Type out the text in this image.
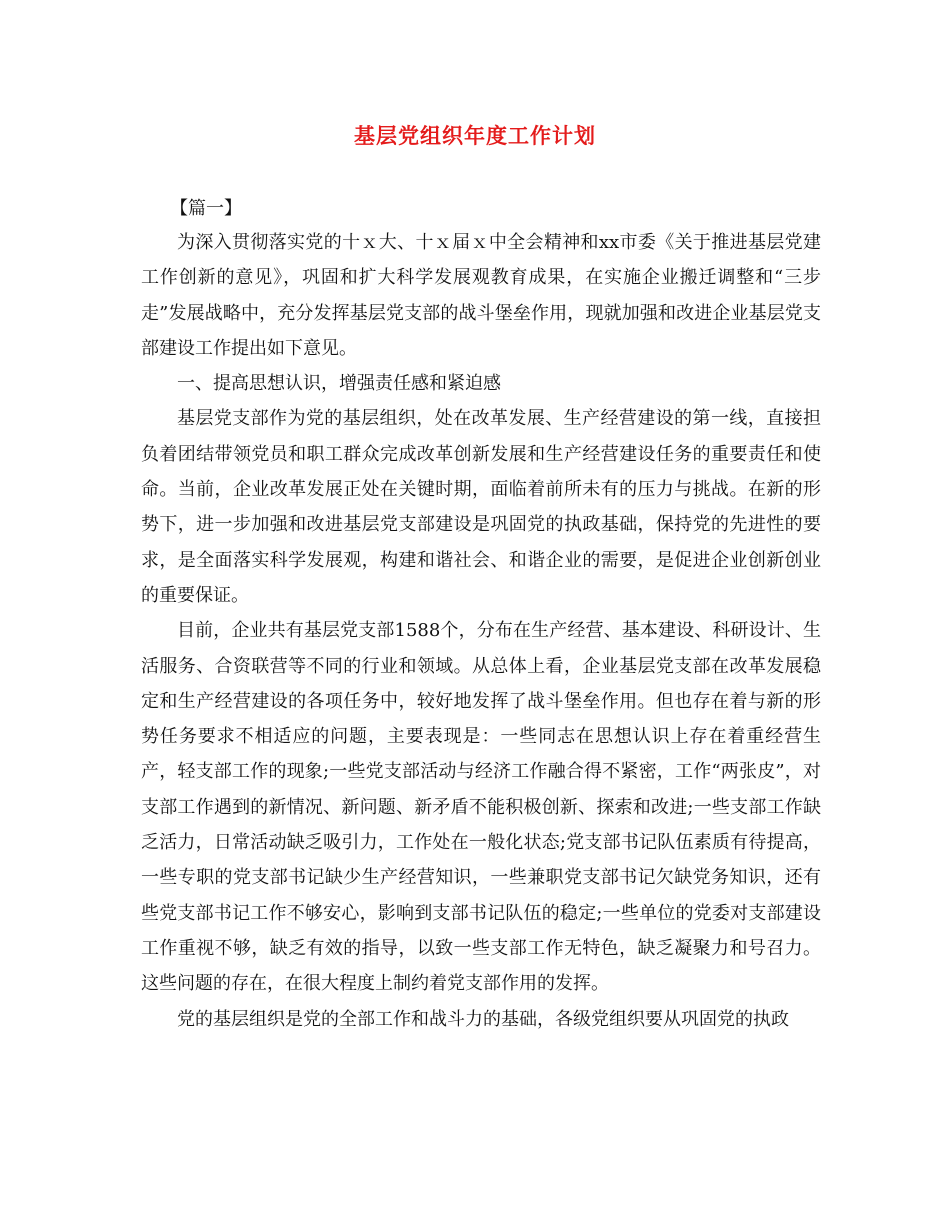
基层党组织年度工作计划
【篇一】

为深入贯彻落实党的十ｘ大、十ｘ届ｘ中全会精神和xx市委《关于推进基层党建工作创新的意见》，巩固和扩大科学发展观教育成果，在实施企业搬迁调整和“三步走”发展战略中，充分发挥基层党支部的战斗堡垒作用，现就加强和改进企业基层党支部建设工作提出如下意见。

一、提高思想认识，增强责任感和紧迫感

基层党支部作为党的基层组织，处在改革发展、生产经营建设的第一线，直接担负着团结带领党员和职工群众完成改革创新发展和生产经营建设任务的重要责任和使命。当前，企业改革发展正处在关键时期，面临着前所未有的压力与挑战。在新的形势下，进一步加强和改进基层党支部建设是巩固党的执政基础，保持党的先进性的要求，是全面落实科学发展观，构建和谐社会、和谐企业的需要，是促进企业创新创业的重要保证。

目前，企业共有基层党支部1588个，分布在生产经营、基本建设、科研设计、生活服务、合资联营等不同的行业和领域。从总体上看，企业基层党支部在改革发展稳定和生产经营建设的各项任务中，较好地发挥了战斗堡垒作用。但也存在着与新的形势任务要求不相适应的问题，主要表现是：一些同志在思想认识上存在着重经营生产，轻支部工作的现象;一些党支部活动与经济工作融合得不紧密，工作“两张皮”，对支部工作遇到的新情况、新问题、新矛盾不能积极创新、探索和改进;一些支部工作缺乏活力，日常活动缺乏吸引力，工作处在一般化状态;党支部书记队伍素质有待提高，一些专职的党支部书记缺少生产经营知识，一些兼职党支部书记欠缺党务知识，还有些党支部书记工作不够安心，影响到支部书记队伍的稳定;一些单位的党委对支部建设工作重视不够，缺乏有效的指导，以致一些支部工作无特色，缺乏凝聚力和号召力。这些问题的存在，在很大程度上制约着党支部作用的发挥。

党的基层组织是党的全部工作和战斗力的基础，各级党组织要从巩固党的执政
